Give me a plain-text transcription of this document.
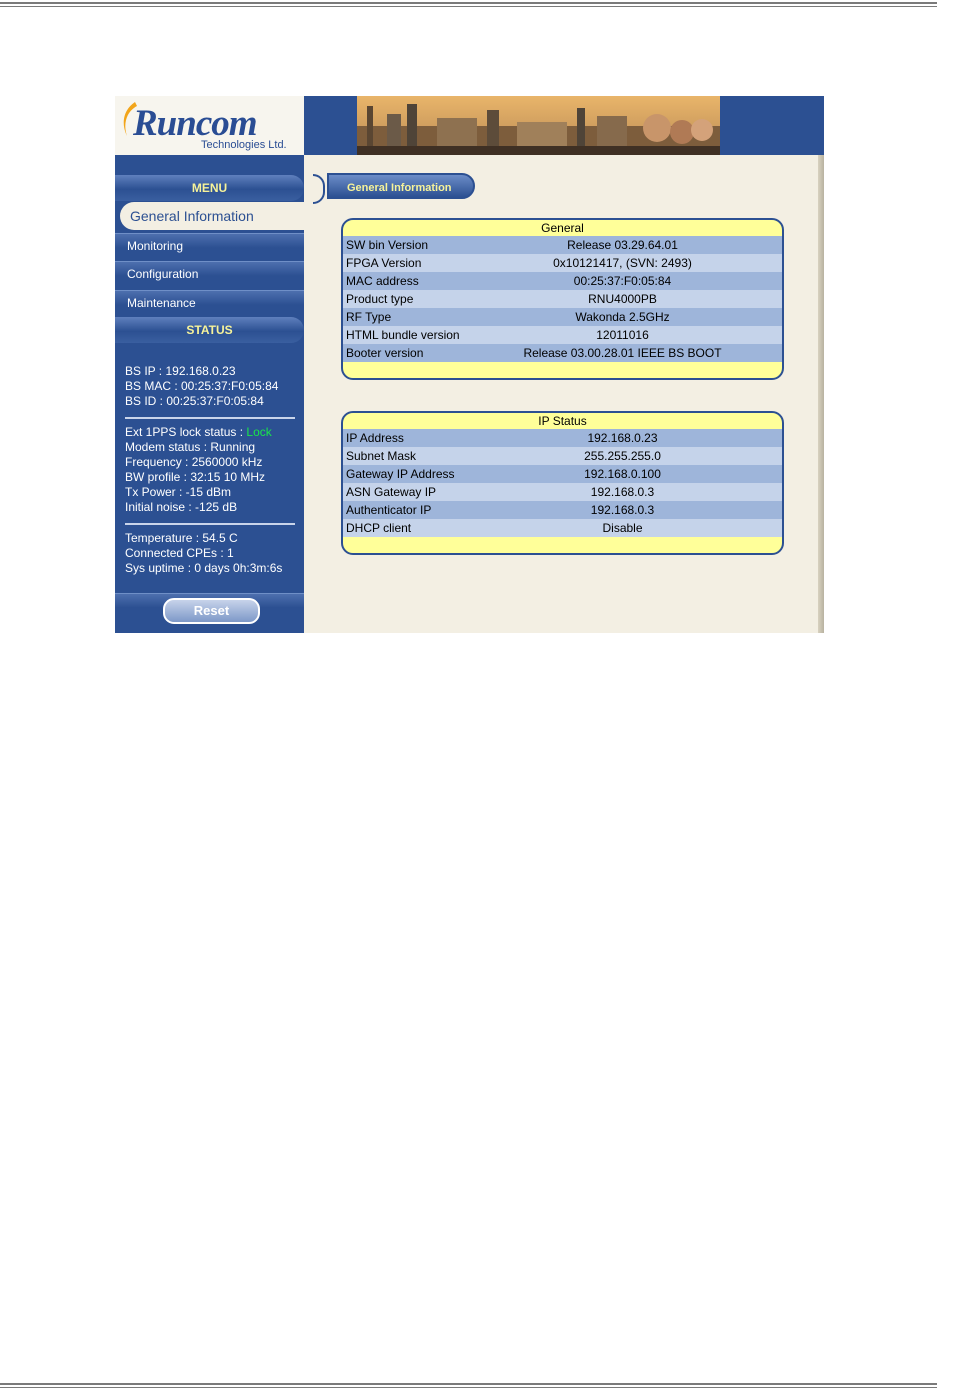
Runcom
Technologies Ltd.	Logout
MENU
General Information
Monitoring
Configuration
Maintenance
STATUS
BS IP : 192.168.0.23
BS MAC : 00:25:37:F0:05:84
BS ID : 00:25:37:F0:05:84
Ext 1PPS lock status : Lock
Modem status : Running
Frequency : 2560000 kHz
BW profile : 32:15 10 MHz
Tx Power : -15 dBm
Initial noise : -125 dB
Temperature : 54.5 C
Connected CPEs : 1
Sys uptime : 0 days 0h:3m:6s
Reset
General Information
General
SW bin Version	Release 03.29.64.01
FPGA Version	0x10121417, (SVN: 2493)
MAC address	00:25:37:F0:05:84
Product type	RNU4000PB
RF Type	Wakonda 2.5GHz
HTML bundle version	12011016
Booter version	Release 03.00.28.01 IEEE BS BOOT
IP Status
IP Address	192.168.0.23
Subnet Mask	255.255.255.0
Gateway IP Address	192.168.0.100
ASN Gateway IP	192.168.0.3
Authenticator IP	192.168.0.3
DHCP client	Disable
